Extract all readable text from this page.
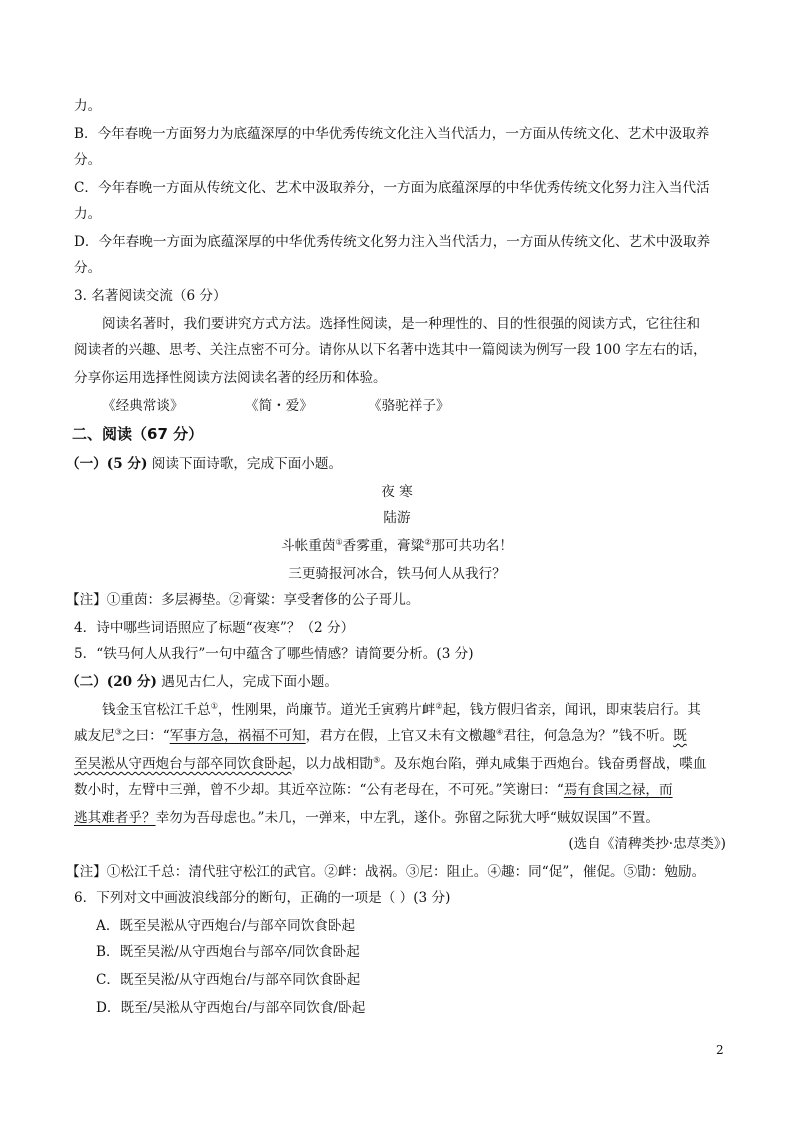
力。
B．今年春晚一方面努力为底蕴深厚的中华优秀传统文化注入当代活力，一方面从传统文化、艺术中汲取养
分。
C．今年春晚一方面从传统文化、艺术中汲取养分，一方面为底蕴深厚的中华优秀传统文化努力注入当代活
力。
D．今年春晚一方面为底蕴深厚的中华优秀传统文化努力注入当代活力，一方面从传统文化、艺术中汲取养
分。
3. 名著阅读交流（6 分）
阅读名著时，我们要讲究方式方法。选择性阅读，是一种理性的、目的性很强的阅读方式，它往往和
阅读者的兴趣、思考、关注点密不可分。请你从以下名著中选其中一篇阅读为例写一段 100 字左右的话，
分享你运用选择性阅读方法阅读名著的经历和体验。
《经典常谈》	《简・爱》	《骆驼祥子》
二、阅读（67 分）
（一）(5 分) 阅读下面诗歌，完成下面小题。
夜 寒
陆游
斗帐重茵①香雾重，膏粱②那可共功名！
三更骑报河冰合，铁马何人从我行？
【注】①重茵：多层褥垫。②膏粱：享受奢侈的公子哥儿。
4．诗中哪些词语照应了标题“夜寒”？（2 分）
5．“铁马何人从我行”一句中蕴含了哪些情感？请简要分析。(3 分)
（二）(20 分) 遇见古仁人，完成下面小题。
钱金玉官松江千总①，性刚果，尚廉节。道光壬寅鸦片衅②起，钱方假归省亲，闻讯，即束装启行。其
戚友尼③之曰：“军事方急，祸福不可知，君方在假，上官又未有文檄趣④君往，何急急为？”钱不听。既
至吴淞从守西炮台与部卒同饮食卧起，以力战相勖⑤。及东炮台陷，弹丸咸集于西炮台。钱奋勇督战，喋血
数小时，左臂中三弹，曾不少却。其近卒泣陈：“公有老母在，不可死。”笑谢曰：“焉有食国之禄，而
逃其难者乎？幸勿为吾母虑也。”未几，一弹来，中左乳，遂仆。弥留之际犹大呼“贼奴误国”不置。
(选自《清稗类抄·忠荩类》)
【注】①松江千总：清代驻守松江的武官。②衅：战祸。③尼：阻止。④趣：同“促”，催促。⑤勖：勉励。
6．下列对文中画波浪线部分的断句，正确的一项是（ ）(3 分)
A．既至吴淞从守西炮台/与部卒同饮食卧起
B．既至吴淞/从守西炮台与部卒/同饮食卧起
C．既至吴淞/从守西炮台/与部卒同饮食卧起
D．既至/吴淞从守西炮台/与部卒同饮食/卧起
2
